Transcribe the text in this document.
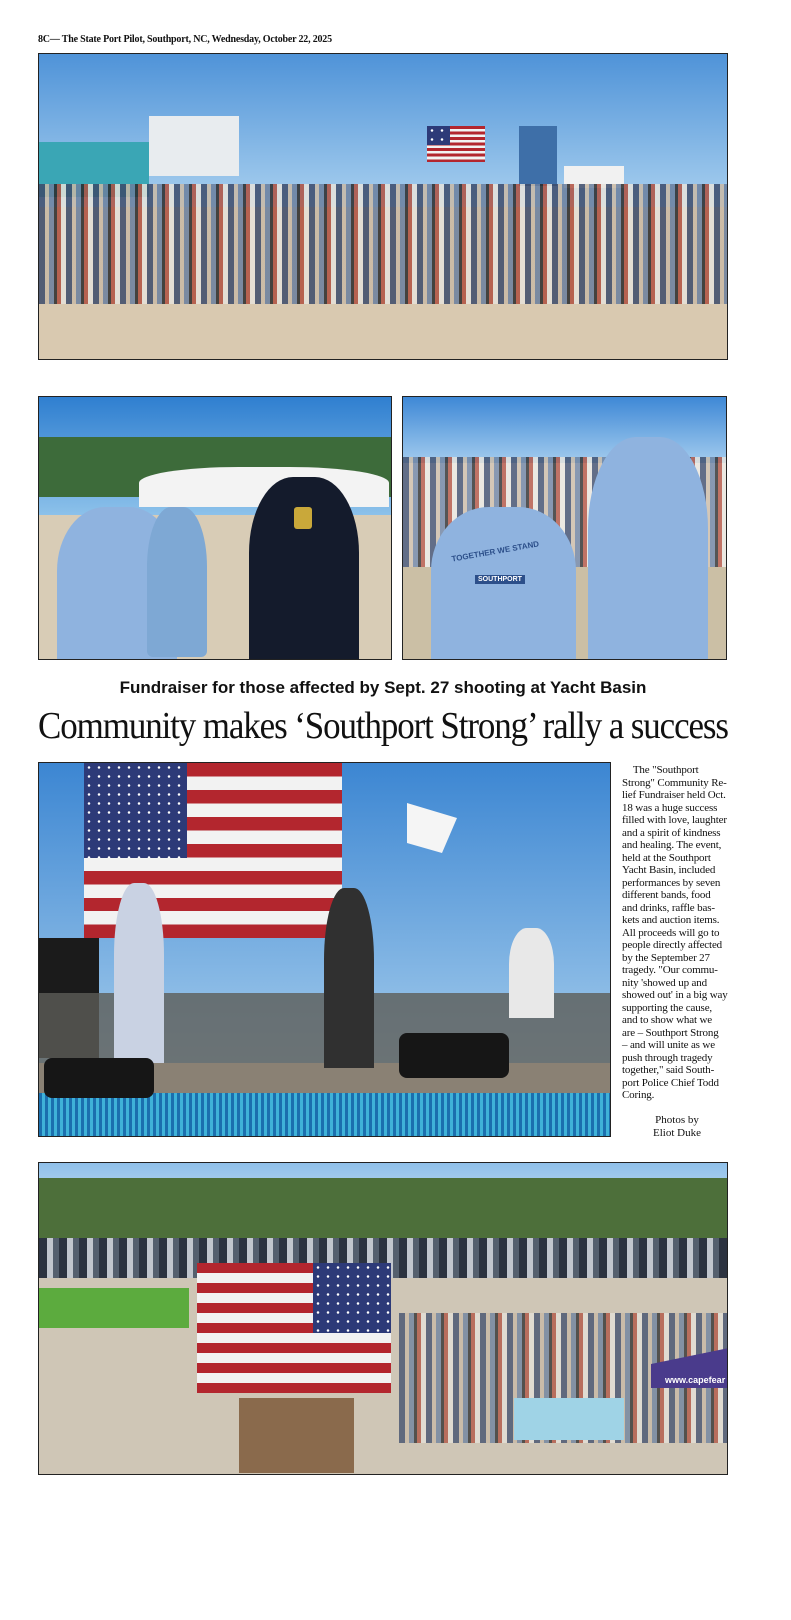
8C— The State Port Pilot, Southport, NC, Wednesday, October 22, 2025
TOGETHER WE STAND
SOUTHPORT
Fundraiser for those affected by Sept. 27 shooting at Yacht Basin
Community makes ‘Southport Strong’ rally a success
 The "Southport
Strong" Community Re-
lief Fundraiser held Oct.
18 was a huge success
filled with love, laughter
and a spirit of kindness
and healing. The event,
held at the Southport
Yacht Basin, included
performances by seven
different bands, food
and drinks, raffle bas-
kets and auction items.
All proceeds will go to
people directly affected
by the September 27
tragedy. "Our commu-
nity 'showed up and
showed out' in a big way
supporting the cause,
and to show what we
are – Southport Strong
– and will unite as we
push through tragedy
together," said South-
port Police Chief Todd
Coring.
Photos by
Eliot Duke
www.capefear
